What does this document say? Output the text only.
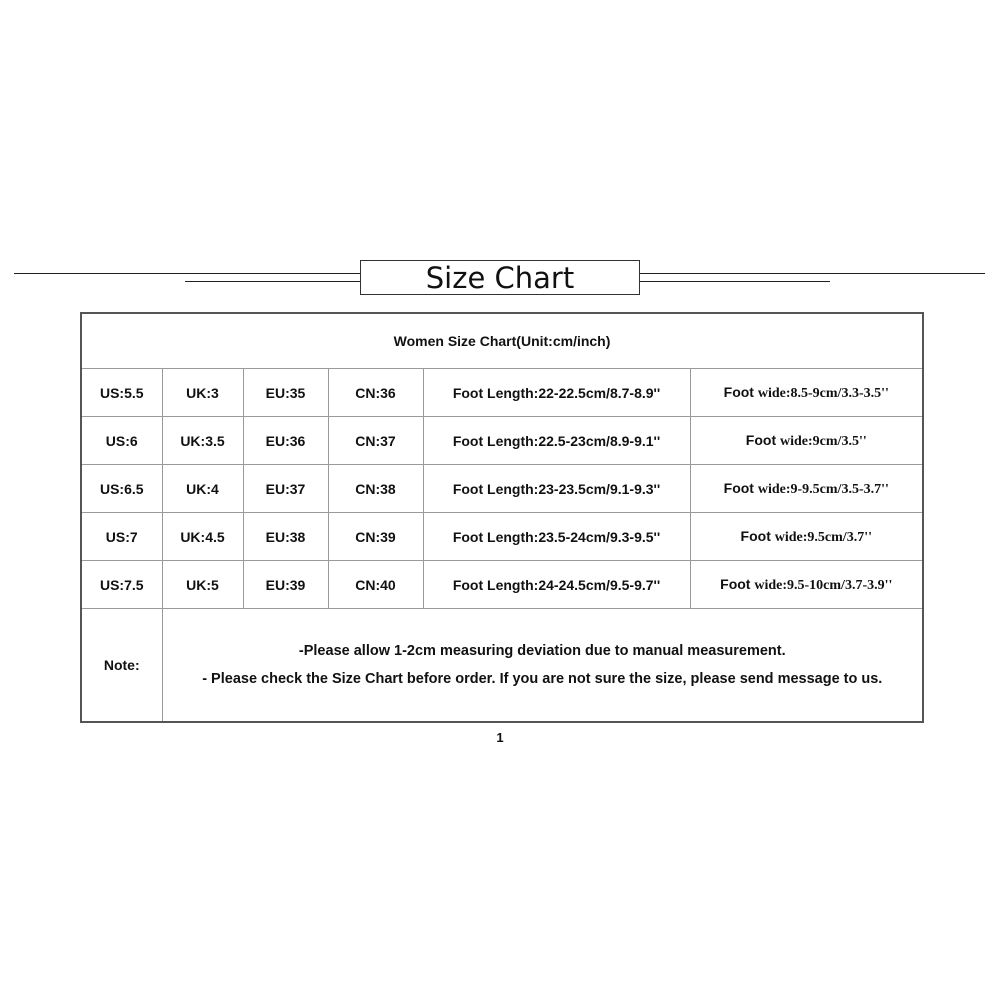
Size Chart
Women Size Chart(Unit:cm/inch)					
US:5.5	UK:3	EU:35	CN:36	Foot Length:22-22.5cm/8.7-8.9''	Foot wide:8.5-9cm/3.3-3.5''
US:6	UK:3.5	EU:36	CN:37	Foot Length:22.5-23cm/8.9-9.1''	Foot wide:9cm/3.5''
US:6.5	UK:4	EU:37	CN:38	Foot Length:23-23.5cm/9.1-9.3''	Foot wide:9-9.5cm/3.5-3.7''
US:7	UK:4.5	EU:38	CN:39	Foot Length:23.5-24cm/9.3-9.5''	Foot wide:9.5cm/3.7''
US:7.5	UK:5	EU:39	CN:40	Foot Length:24-24.5cm/9.5-9.7''	Foot wide:9.5-10cm/3.7-3.9''
Note:	-Please allow 1-2cm measuring deviation due to manual measurement.
- Please check the Size Chart before order. If you are not sure the size, please send message to us.				
1
